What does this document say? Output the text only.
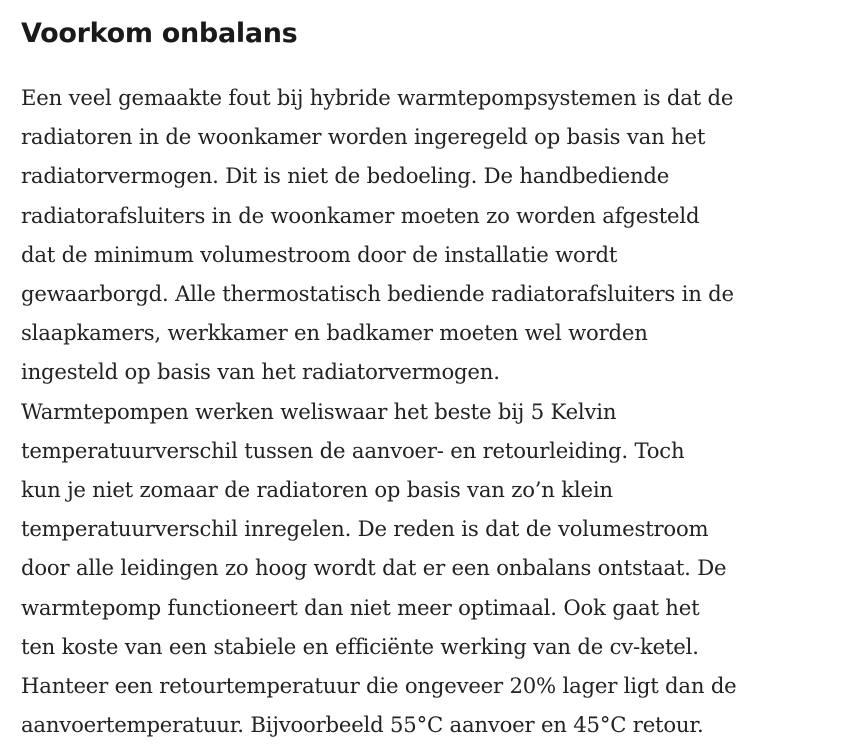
Voorkom onbalans
Een veel gemaakte fout bij hybride warmtepompsystemen is dat de
radiatoren in de woonkamer worden ingeregeld op basis van het
radiatorvermogen. Dit is niet de bedoeling. De handbediende
radiatorafsluiters in de woonkamer moeten zo worden afgesteld
dat de minimum volumestroom door de installatie wordt
gewaarborgd. Alle thermostatisch bediende radiatorafsluiters in de
slaapkamers, werkkamer en badkamer moeten wel worden
ingesteld op basis van het radiatorvermogen.
Warmtepompen werken weliswaar het beste bij 5 Kelvin
temperatuurverschil tussen de aanvoer- en retourleiding. Toch
kun je niet zomaar de radiatoren op basis van zo’n klein
temperatuurverschil inregelen. De reden is dat de volumestroom
door alle leidingen zo hoog wordt dat er een onbalans ontstaat. De
warmtepomp functioneert dan niet meer optimaal. Ook gaat het
ten koste van een stabiele en efficiënte werking van de cv-ketel.
Hanteer een retourtemperatuur die ongeveer 20% lager ligt dan de
aanvoertemperatuur. Bijvoorbeeld 55°C aanvoer en 45°C retour.
